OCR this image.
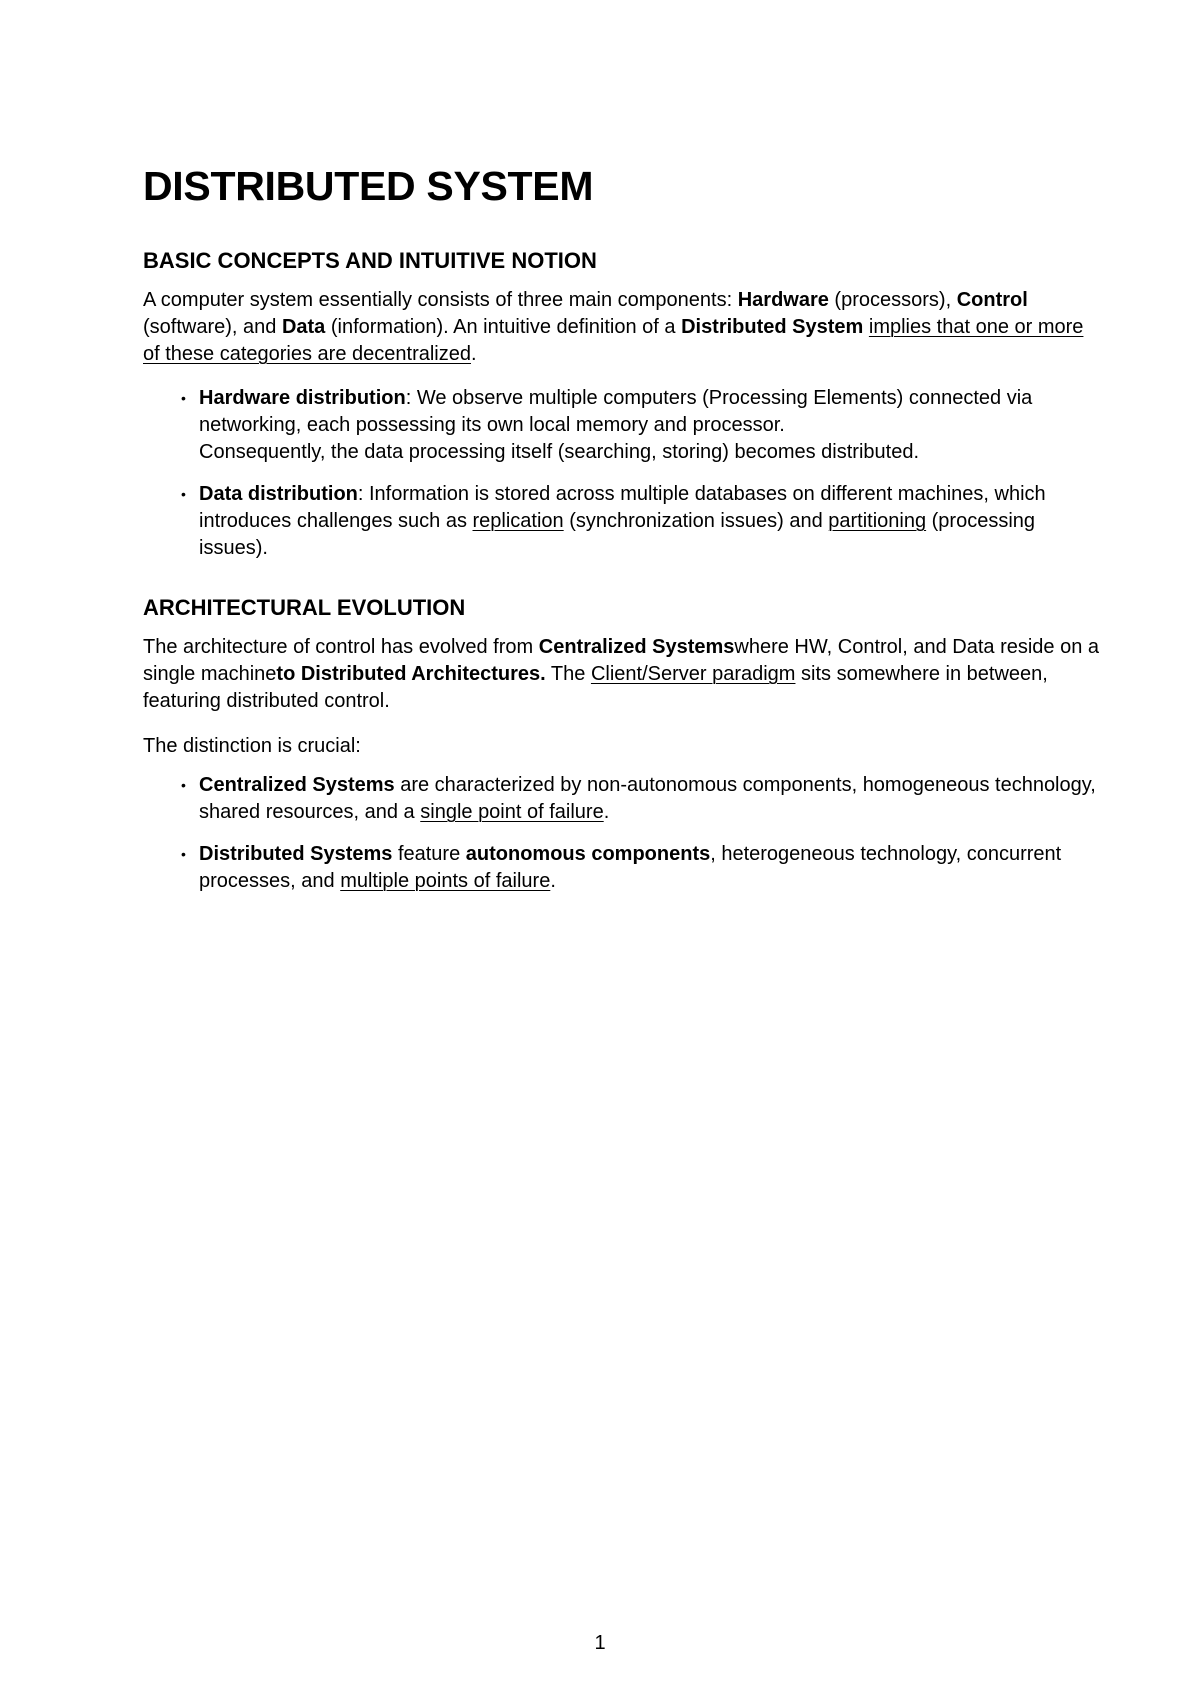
DISTRIBUTED SYSTEM
BASIC CONCEPTS AND INTUITIVE NOTION

A computer system essentially consists of three main components: Hardware (processors), Control (software), and Data (information). An intuitive definition of a Distributed System implies that one or more of these categories are decentralized.

• Hardware distribution: We observe multiple computers (Processing Elements) connected via networking, each possessing its own local memory and processor.
Consequently, the data processing itself (searching, storing) becomes distributed.
• Data distribution: Information is stored across multiple databases on different machines, which introduces challenges such as replication (synchronization issues) and partitioning (processing issues).
ARCHITECTURAL EVOLUTION

The architecture of control has evolved from Centralized Systemswhere HW, Control, and Data reside on a single machineto Distributed Architectures. The Client/Server paradigm sits somewhere in between, featuring distributed control.

The distinction is crucial:

• Centralized Systems are characterized by non-autonomous components, homogeneous technology, shared resources, and a single point of failure.
• Distributed Systems feature autonomous components, heterogeneous technology, concurrent processes, and multiple points of failure.

1
